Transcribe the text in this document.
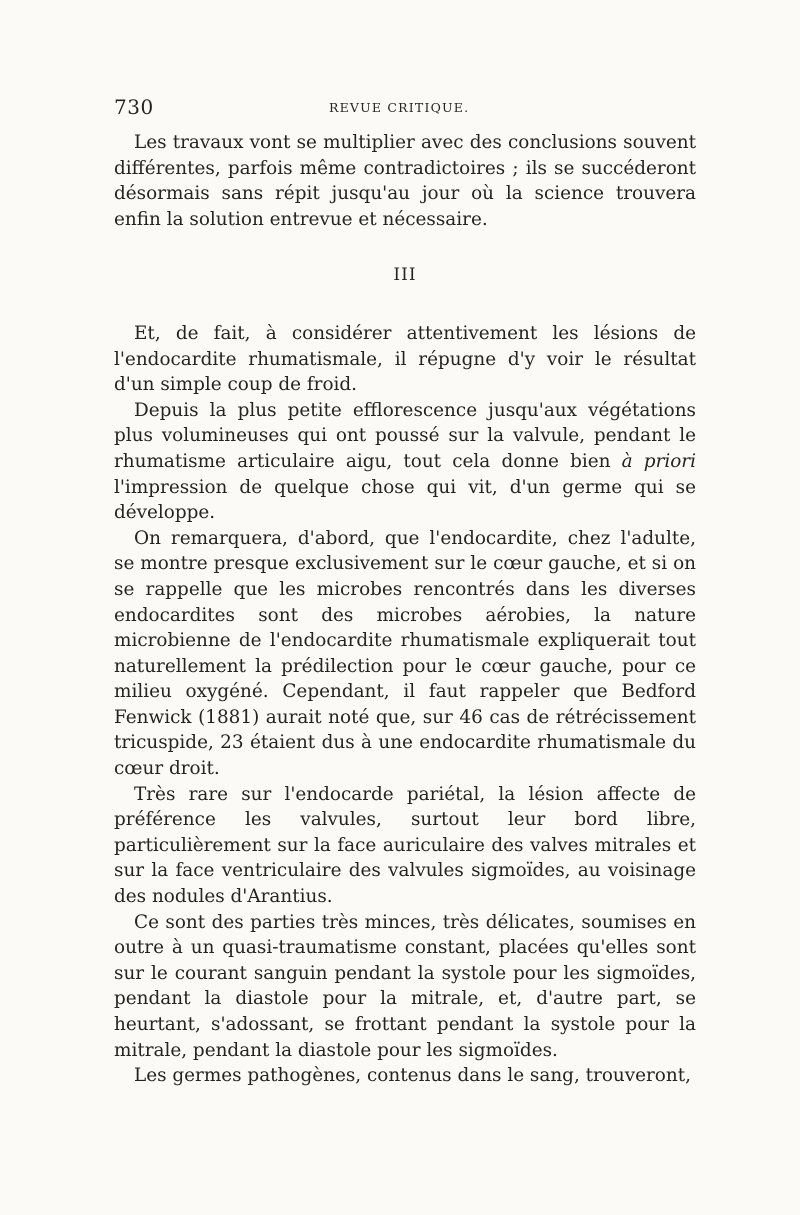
730	REVUE CRITIQUE.

Les travaux vont se multiplier avec des conclusions souvent différentes, parfois même contradictoires ; ils se succéderont désormais sans répit jusqu'au jour où la science trouvera enfin la solution entrevue et nécessaire.

III

Et, de fait, à considérer attentivement les lésions de l'endocardite rhumatismale, il répugne d'y voir le résultat d'un simple coup de froid.

Depuis la plus petite efflorescence jusqu'aux végétations plus volumineuses qui ont poussé sur la valvule, pendant le rhumatisme articulaire aigu, tout cela donne bien à priori l'impression de quelque chose qui vit, d'un germe qui se développe.

On remarquera, d'abord, que l'endocardite, chez l'adulte, se montre presque exclusivement sur le cœur gauche, et si on se rappelle que les microbes rencontrés dans les diverses endocardites sont des microbes aérobies, la nature microbienne de l'endocardite rhumatismale expliquerait tout naturellement la prédilection pour le cœur gauche, pour ce milieu oxygéné. Cependant, il faut rappeler que Bedford Fenwick (1881) aurait noté que, sur 46 cas de rétrécissement tricuspide, 23 étaient dus à une endocardite rhumatismale du cœur droit.

Très rare sur l'endocarde pariétal, la lésion affecte de préférence les valvules, surtout leur bord libre, particulièrement sur la face auriculaire des valves mitrales et sur la face ventriculaire des valvules sigmoïdes, au voisinage des nodules d'Arantius.

Ce sont des parties très minces, très délicates, soumises en outre à un quasi-traumatisme constant, placées qu'elles sont sur le courant sanguin pendant la systole pour les sigmoïdes, pendant la diastole pour la mitrale, et, d'autre part, se heurtant, s'adossant, se frottant pendant la systole pour la mitrale, pendant la diastole pour les sigmoïdes.

Les germes pathogènes, contenus dans le sang, trouveront,
